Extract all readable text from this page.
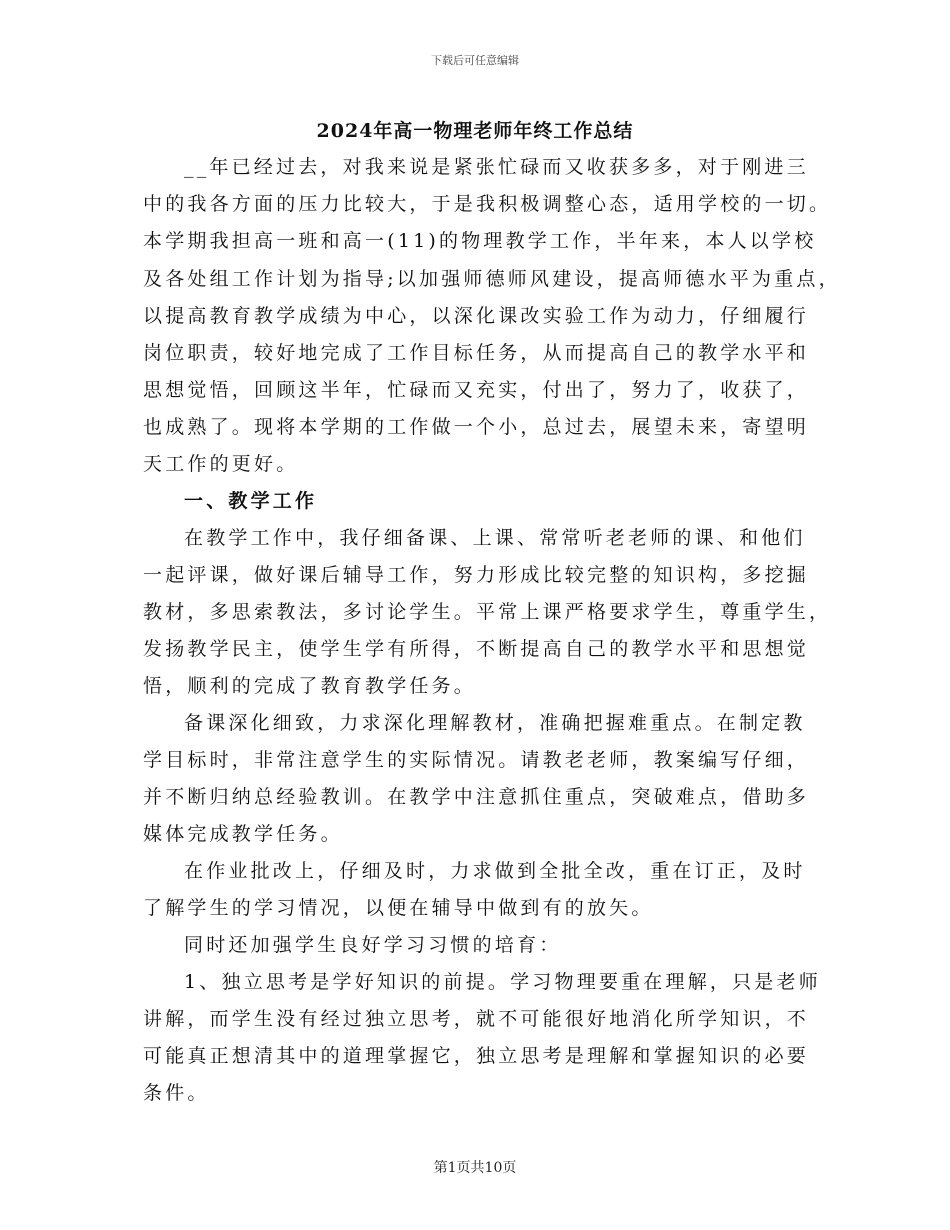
下载后可任意编辑
2024年高一物理老师年终工作总结

__年已经过去，对我来说是紧张忙碌而又收获多多，对于刚进三

中的我各方面的压力比较大，于是我积极调整心态，适用学校的一切。

本学期我担高一班和高一(11)的物理教学工作，半年来，本人以学校

及各处组工作计划为指导;以加强师德师风建设，提高师德水平为重点，

以提高教育教学成绩为中心，以深化课改实验工作为动力，仔细履行

岗位职责，较好地完成了工作目标任务，从而提高自己的教学水平和

思想觉悟，回顾这半年，忙碌而又充实，付出了，努力了，收获了，

也成熟了。现将本学期的工作做一个小，总过去，展望未来，寄望明

天工作的更好。

一、教学工作

在教学工作中，我仔细备课、上课、常常听老老师的课、和他们

一起评课，做好课后辅导工作，努力形成比较完整的知识构，多挖掘

教材，多思索教法，多讨论学生。平常上课严格要求学生，尊重学生，

发扬教学民主，使学生学有所得，不断提高自己的教学水平和思想觉

悟，顺利的完成了教育教学任务。

备课深化细致，力求深化理解教材，准确把握难重点。在制定教

学目标时，非常注意学生的实际情况。请教老老师，教案编写仔细，

并不断归纳总经验教训。在教学中注意抓住重点，突破难点，借助多

媒体完成教学任务。

在作业批改上，仔细及时，力求做到全批全改，重在订正，及时

了解学生的学习情况，以便在辅导中做到有的放矢。

同时还加强学生良好学习习惯的培育：

1、独立思考是学好知识的前提。学习物理要重在理解，只是老师

讲解，而学生没有经过独立思考，就不可能很好地消化所学知识，不

可能真正想清其中的道理掌握它，独立思考是理解和掌握知识的必要

条件。

第1页共10页
